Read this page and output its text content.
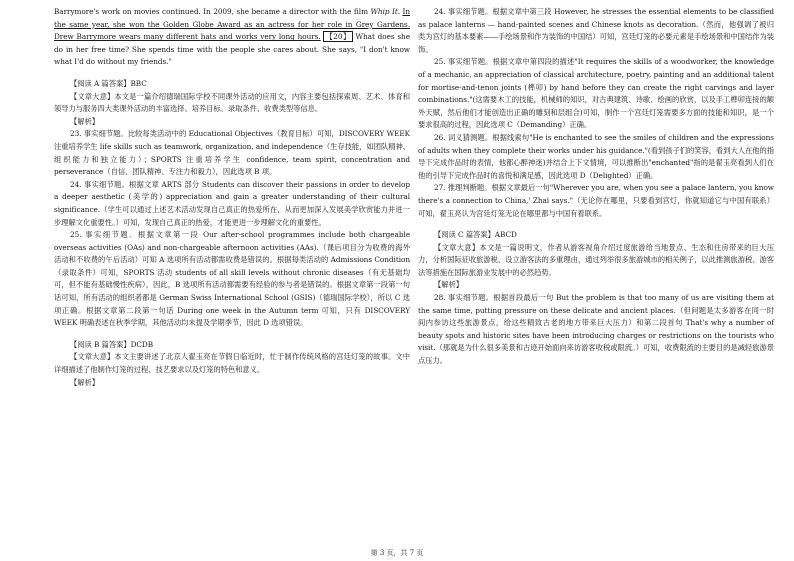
Barrymore's work on movies continued. In 2009, she became a director with the film Whip It. In the same year, she won the Golden Globe Award as an actress for her role in Grey Gardens. Drew Barrymore wears many different hats and works very long hours. 【20】 What does she do in her free time? She spends time with the people she cares about. She says, "I don't know what I'd do without my friends."

【阅读 A 篇答案】BBC

【文章大意】本文是一篇介绍德瑞国际学校不同课外活动的应用文，内容主要包括探索周、艺术、体育和领导力与服务四大类课外活动的丰富选择、培养目标、录取条件、收费类型等信息。

【解析】

23. 事实细节题。比较每类活动中的 Educational Objectives（教育目标）可知，DISCOVERY WEEK 注重培养学生 life skills such as teamwork, organization, and independence（生存技能，如团队精神、组织能力和独立能力）；SPORTS 注重培养学生 confidence, team spirit, concentration and perseverance（自信、团队精神、专注力和毅力），因此选项 B 项。

24. 事实细节题。根据文章 ARTS 部分 Students can discover their passions in order to develop a deeper aesthetic (美学的) appreciation and gain a greater understanding of their cultural significance.（学生可以通过上述艺术活动发现自己真正的热爱所在，从而更加深入发展美学欣赏能力并进一步理解文化重要性。）可知，发现自己真正的热爱，才能更进一步理解文化的重要性。

25. 事实细节题。根据文章第一段 Our after-school programmes include both chargeable overseas activities (OAs) and non-chargeable afternoon activities (AAs).（课后项目分为收费的海外活动和不收费的午后活动）可知 A 选项所有活动都需收费是错误的。根据每类活动的 Admissions Condition（录取条件）可知，SPORTS 活动 students of all skill levels without chronic diseases（有无基础均可，但不能有基础慢性疾病），因此，B 选项所有活动都需要有经验的参与者是错误的。根据文章第一段第一句话可知，所有活动的组织者都是 German Swiss International School (GSIS)（德瑞国际学校），所以 C 选项正确。根据文章第二段第一句话 During one week in the Autumn term 可知，只有 DISCOVERY WEEK 明确表述在秋季学期，其他活动均未提及学期季节，因此 D 选项错误。

【阅读 B 篇答案】DCDB

【文章大意】本文主要讲述了北京人翟玉亮在节假日临近时，忙于制作传统风格的宫廷灯笼的故事。文中详细描述了他制作灯笼的过程、技艺要求以及灯笼的特色和意义。

【解析】

24. 事实细节题。根据文章中第三段 However, he stresses the essential elements to be classified as palace lanterns — hand-painted scenes and Chinese knots as decoration.（然而，他强调了被归类为宫灯的基本要素——手绘场景和作为装饰的中国结）可知，宫廷灯笼的必要元素是手绘场景和中国结作为装饰。

25. 事实细节题。根据文章中第四段的描述"It requires the skills of a woodworker, the knowledge of a mechanic, an appreciation of classical architecture, poetry, painting and an additional talent for mortise-and-tenon joints (榫卯) by hand before they can create the right carvings and layer combinations."(这需要木工的技能，机械师的知识，对古典建筑、诗歌、绘画的欣赏，以及手工榫卯连接的额外天赋，然后他们才能创造出正确的雕刻和层组合)可知，制作一个宫廷灯笼需要多方面的技能和知识，是一个要求很高的过程，因此选项 C（Demanding）正确。

26. 词义猜测题。根据线索句"He is enchanted to see the smiles of children and the expressions of adults when they complete their works under his guidance."(看到孩子们的笑容，看到大人在他的指导下完成作品时的表情，他都心醉神迷)并结合上下文情境，可以推断出"enchanted"指的是翟玉亮看到人们在他的引导下完成作品时的喜悦和满足感，因此选项 D（Delighted）正确。

27. 推理判断题。根据文章最后一句"Wherever you are, when you see a palace lantern, you know there's a connection to China,' Zhai says."（无论你在哪里，只要看到宫灯，你就知道它与中国有联系）可知，翟玉亮认为宫廷灯笼无论在哪里都与中国有着联系。

【阅读 C 篇答案】ABCD

【文章大意】本文是一篇说明文，作者从游客视角介绍过度旅游给当地景点、生态和住房带来的巨大压力，分析国际征收旅游税、设立游客法的多重理由，通过列举很多旅游城市的相关例子，以此推测旅游税、游客法等措施在国际旅游业发展中的必然趋势。

【解析】

28. 事实细节题。根据首段最后一句 But the problem is that too many of us are visiting them at the same time, putting pressure on these delicate and ancient places.（但问题是太多游客在同一时间内参访这些旅游景点，给这些精致古老的地方带来巨大压力）和第二段首句 That's why a number of beauty spots and historic sites have been introducing charges or restrictions on the tourists who visit.（那就是为什么很多美景和古迹开始面向来访游客收税或限流。）可知，收费限流的主要目的是减轻旅游景点压力。

第 3 页，共 7 页
